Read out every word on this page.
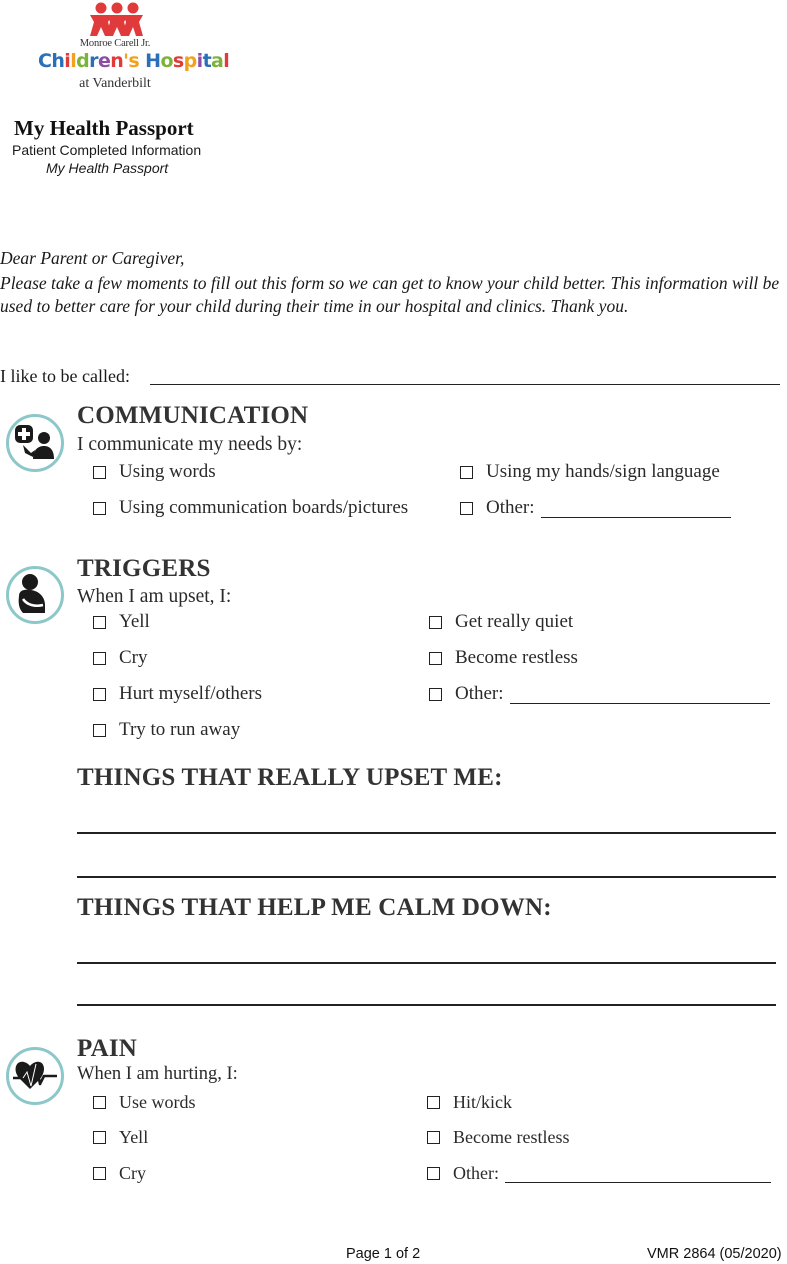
Monroe Carell Jr.
Children's Hospital
at Vanderbilt
My Health Passport
Patient Completed Information
My Health Passport
Dear Parent or Caregiver,
Please take a few moments to fill out this form so we can get to know your child better. This information will be used to better care for your child during their time in our hospital and clinics. Thank you.
I like to be called:
COMMUNICATION
I communicate my needs by:
Using words	Using my hands/sign language
Using communication boards/pictures	Other:
TRIGGERS
When I am upset, I:
Yell	Get really quiet
Cry	Become restless
Hurt myself/others	Other:
Try to run away
THINGS THAT REALLY UPSET ME:
THINGS THAT HELP ME CALM DOWN:
PAIN
When I am hurting, I:
Use words	Hit/kick
Yell	Become restless
Cry	Other:
Page 1 of 2	VMR 2864 (05/2020)
